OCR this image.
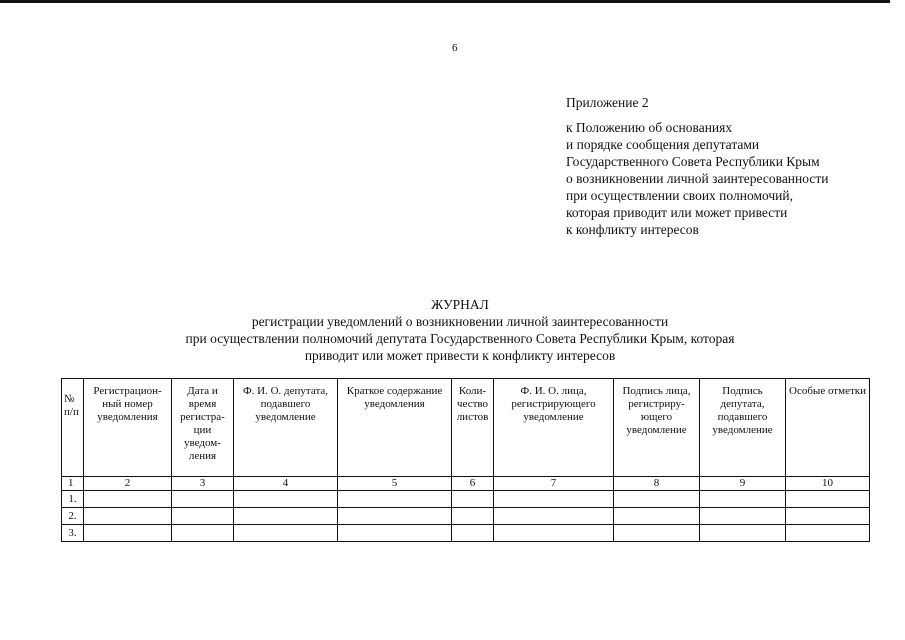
6
Приложение 2
к Положению об основаниях
и порядке сообщения депутатами
Государственного Совета Республики Крым
о возникновении личной заинтересованности
при осуществлении своих полномочий,
которая приводит или может привести
к конфликту интересов
ЖУРНАЛ
регистрации уведомлений о возникновении личной заинтересованности
при осуществлении полномочий депутата Государственного Совета Республики Крым, которая
приводит или может привести к конфликту интересов
№ п/п	Регистрацион-ный номер уведомления	Дата и время регистра-ции уведом-ления	Ф. И. О. депутата, подавшего уведомление	Краткое содержание уведомления	Коли-чество листов	Ф. И. О. лица, регистрирующего уведомление	Подпись лица, регистриру-ющего уведомление	Подпись депутата, подавшего уведомление	Особые отметки
1	2	3	4	5	6	7	8	9	10
1.									
2.									
3.									
